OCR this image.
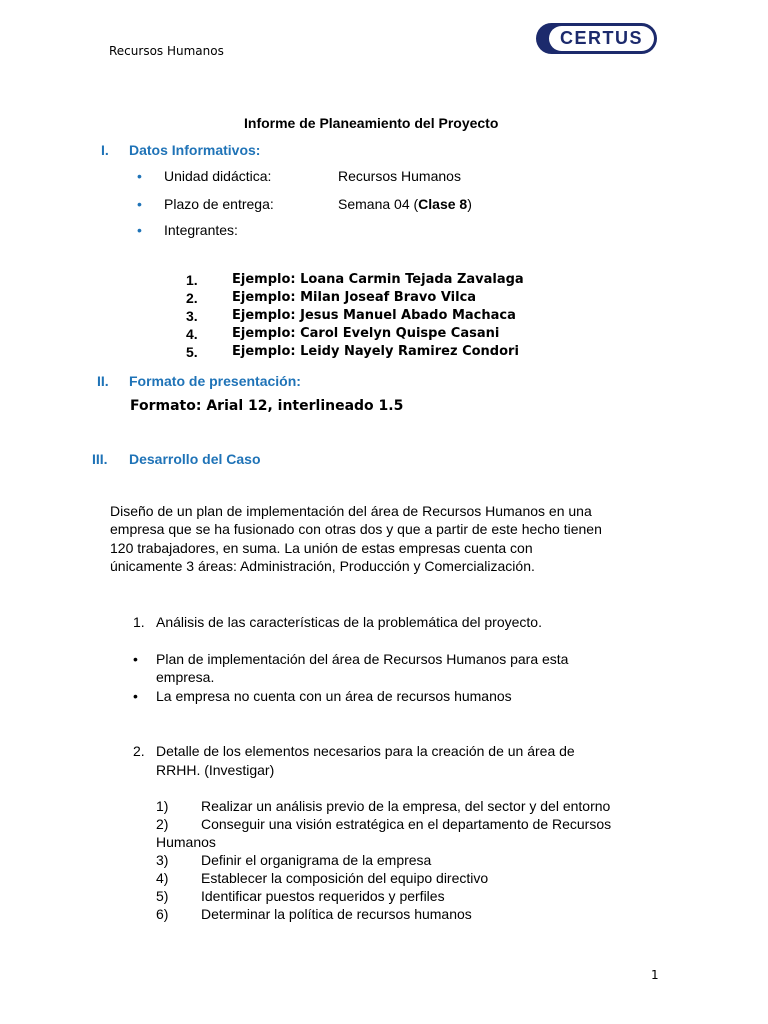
Recursos Humanos
CERTUS
Informe de Planeamiento del Proyecto
I. Datos Informativos:
• Unidad didáctica:	Recursos Humanos
• Plazo de entrega:	Semana 04 (Clase 8)
• Integrantes:
1.	Ejemplo: Loana Carmin Tejada Zavalaga
2.	Ejemplo: Milan Joseaf Bravo Vilca
3.	Ejemplo: Jesus Manuel Abado Machaca
4.	Ejemplo: Carol Evelyn Quispe Casani
5.	Ejemplo: Leidy Nayely Ramirez Condori
II. Formato de presentación:
Formato: Arial 12, interlineado 1.5
III. Desarrollo del Caso
Diseño de un plan de implementación del área de Recursos Humanos en una
empresa que se ha fusionado con otras dos y que a partir de este hecho tienen
120 trabajadores, en suma. La unión de estas empresas cuenta con
únicamente 3 áreas: Administración, Producción y Comercialización.
1. Análisis de las características de la problemática del proyecto.
• Plan de implementación del área de Recursos Humanos para esta
empresa.
• La empresa no cuenta con un área de recursos humanos
2. Detalle de los elementos necesarios para la creación de un área de
RRHH. (Investigar)
1) Realizar un análisis previo de la empresa, del sector y del entorno
2) Conseguir una visión estratégica en el departamento de Recursos
Humanos
3) Definir el organigrama de la empresa
4) Establecer la composición del equipo directivo
5) Identificar puestos requeridos y perfiles
6) Determinar la política de recursos humanos
1
